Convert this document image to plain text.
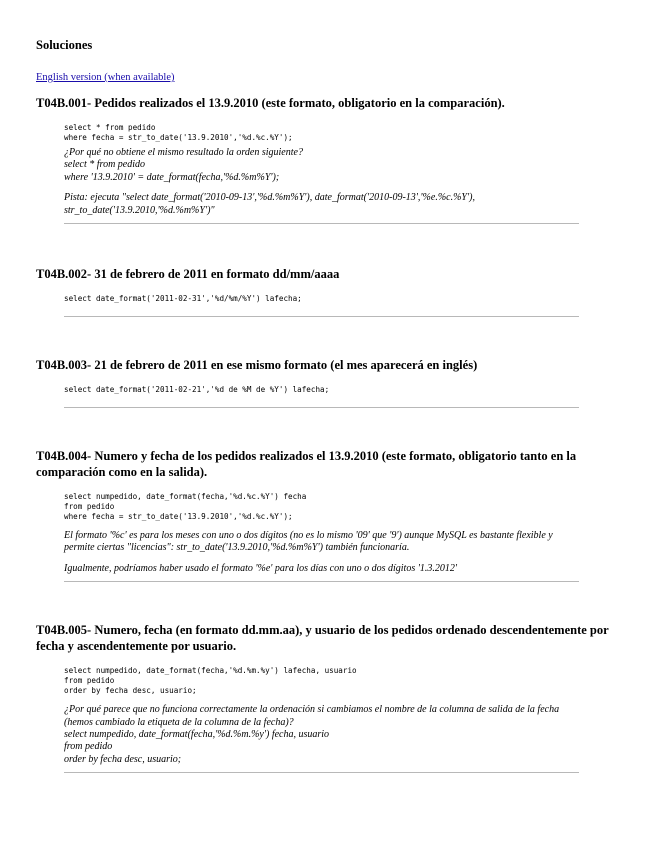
Soluciones
English version (when available)
T04B.001- Pedidos realizados el 13.9.2010 (este formato, obligatorio en la comparación).
select * from pedido
where fecha = str_to_date('13.9.2010','%d.%c.%Y');

¿Por qué no obtiene el mismo resultado la orden siguiente?
select * from pedido
where '13.9.2010' = date_format(fecha,'%d.%m%Y');

Pista: ejecuta "select date_format('2010-09-13','%d.%m%Y'), date_format('2010-09-13','%e.%c.%Y'), str_to_date('13.9.2010,'%d.%m%Y')"

T04B.002- 31 de febrero de 2011 en formato dd/mm/aaaa
select date_format('2011-02-31','%d/%m/%Y') lafecha;
T04B.003- 21 de febrero de 2011 en ese mismo formato (el mes aparecerá en inglés)
select date_format('2011-02-21','%d de %M de %Y') lafecha;
T04B.004- Numero y fecha de los pedidos realizados el 13.9.2010 (este formato, obligatorio tanto en la comparación como en la salida).
select numpedido, date_format(fecha,'%d.%c.%Y') fecha
from pedido
where fecha = str_to_date('13.9.2010','%d.%c.%Y');

El formato '%c' es para los meses con uno o dos dígitos (no es lo mismo '09' que '9') aunque MySQL es bastante flexible y permite ciertas "licencias": str_to_date('13.9.2010,'%d.%m%Y') también funcionaría.

Igualmente, podríamos haber usado el formato '%e' para los días con uno o dos dígitos '1.3.2012'

T04B.005- Numero, fecha (en formato dd.mm.aa), y usuario de los pedidos ordenado descendentemente por fecha y ascendentemente por usuario.
select numpedido, date_format(fecha,'%d.%m.%y') lafecha, usuario
from pedido
order by fecha desc, usuario;

¿Por qué parece que no funciona correctamente la ordenación si cambiamos el nombre de la columna de salida de la fecha (hemos cambiado la etiqueta de la columna de la fecha)?
select numpedido, date_format(fecha,'%d.%m.%y') fecha, usuario
from pedido
order by fecha desc, usuario;
